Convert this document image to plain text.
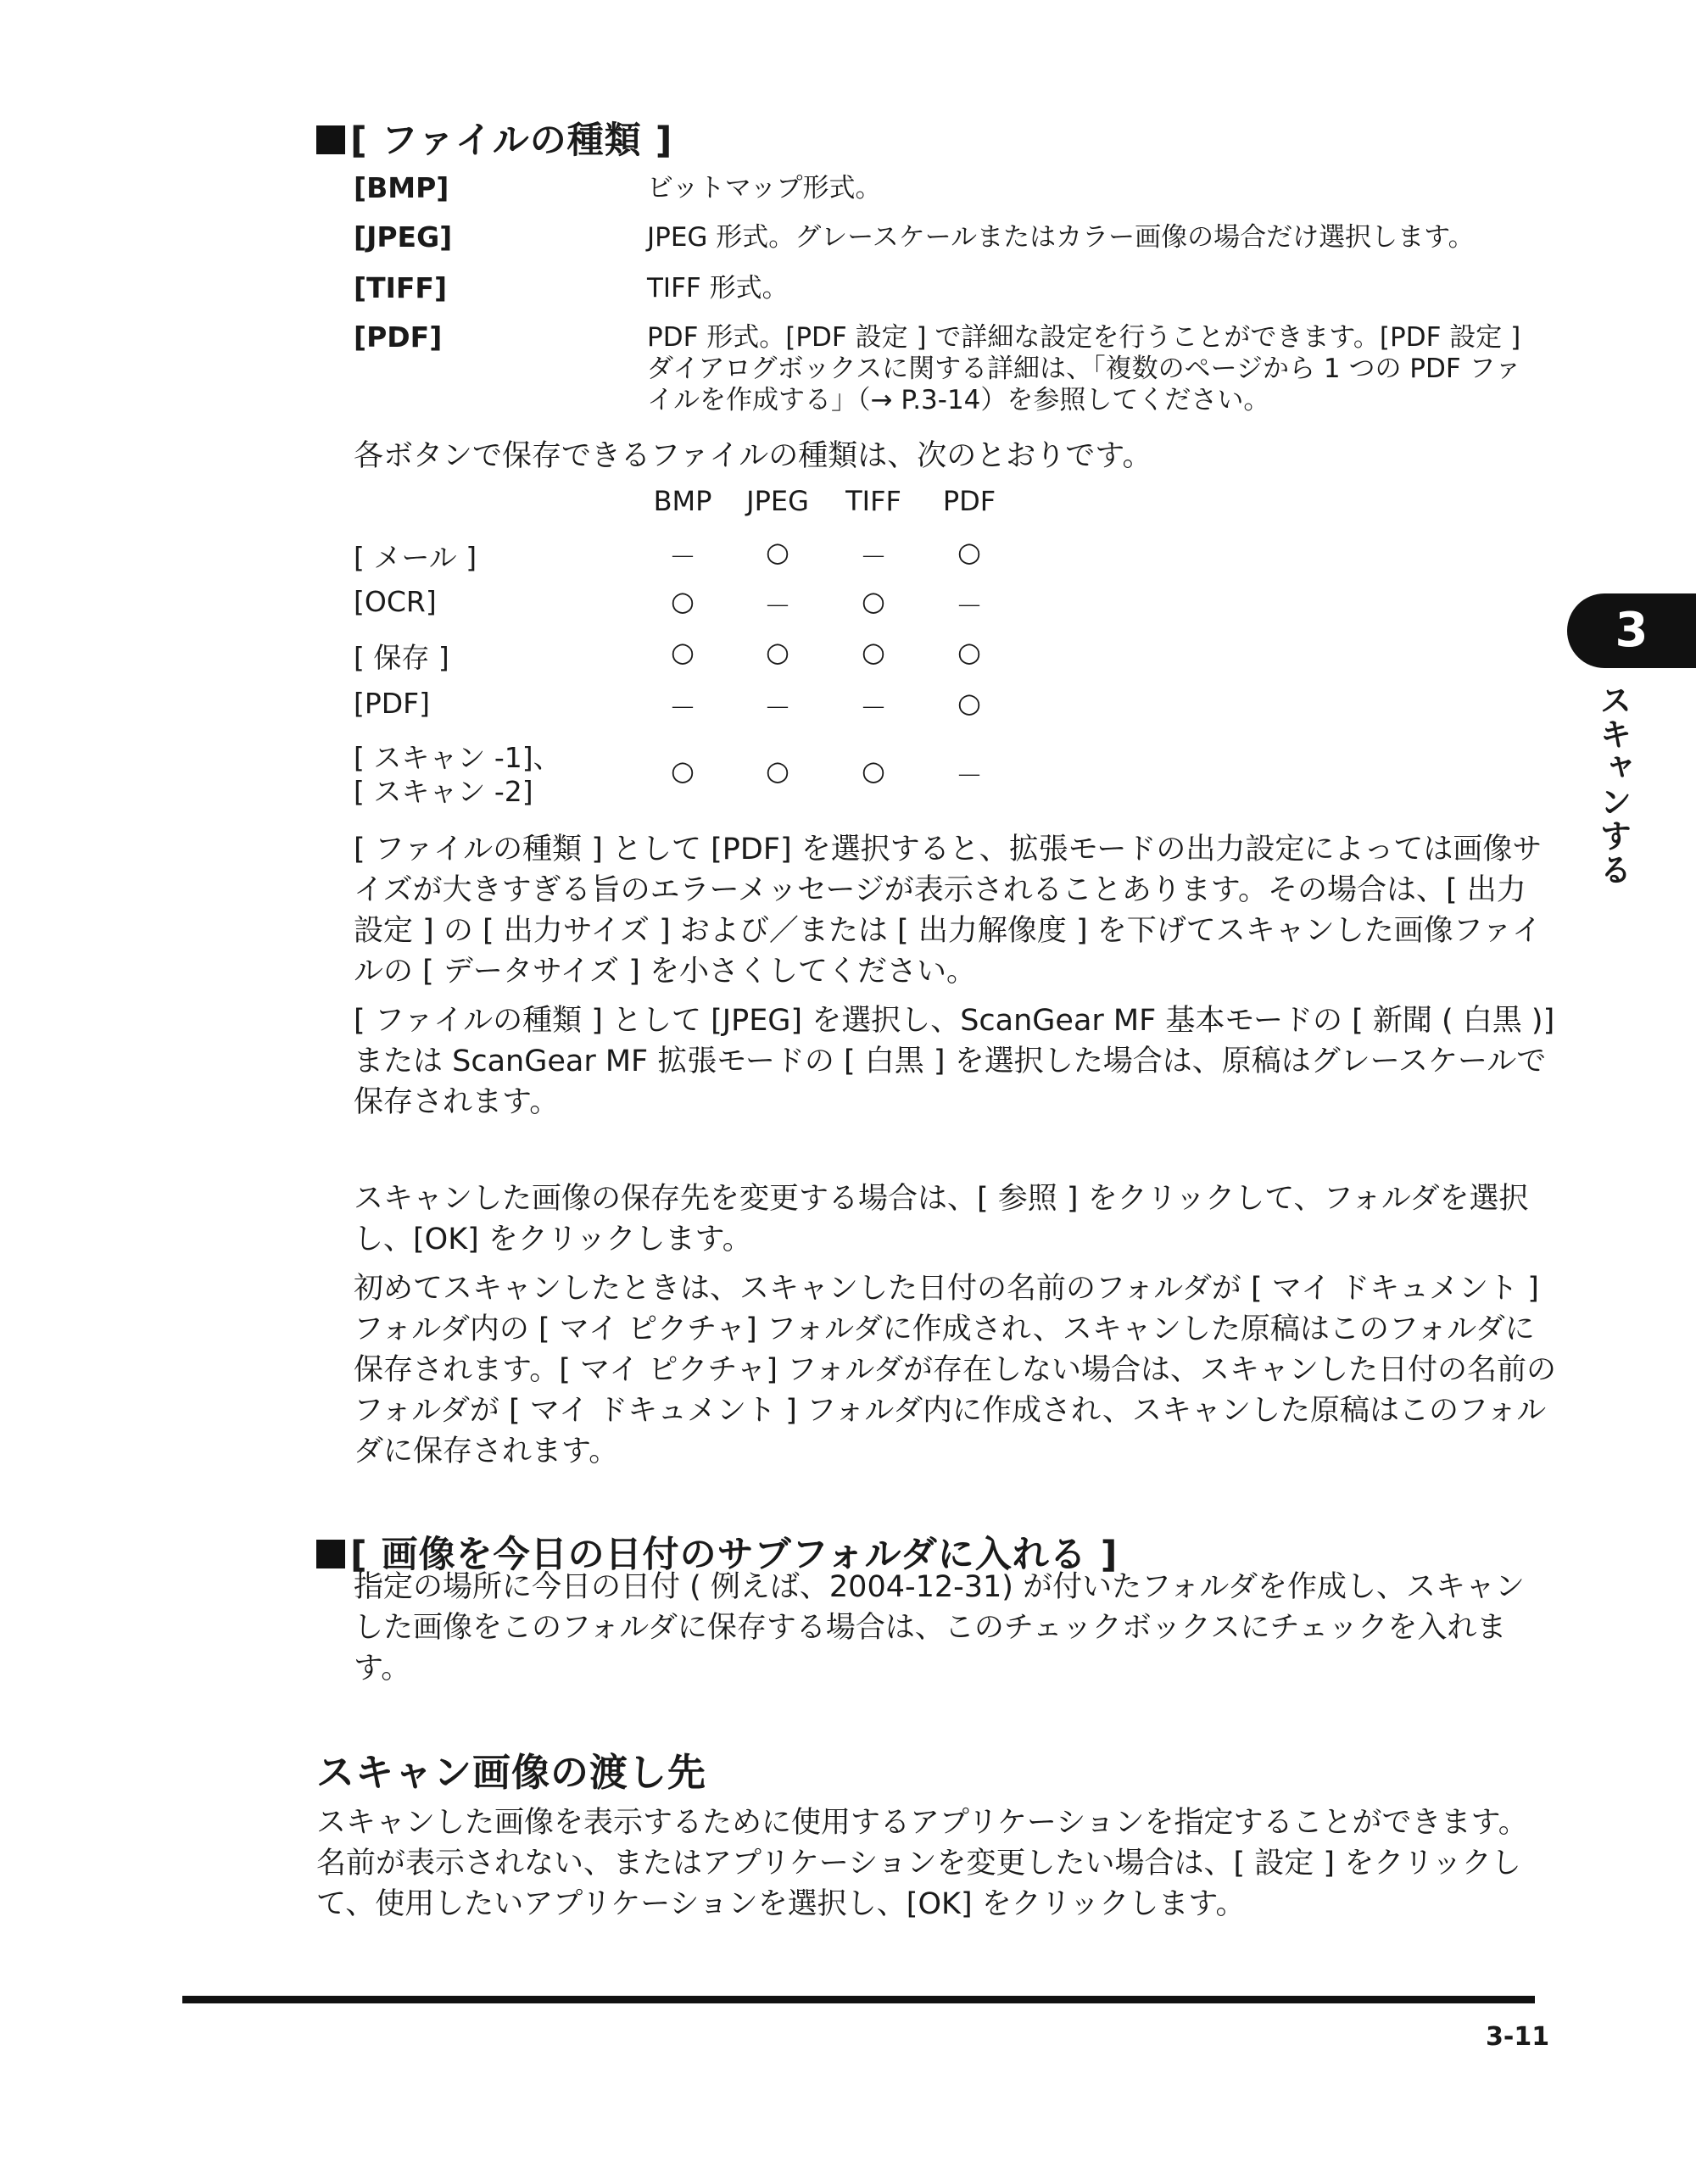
[ ファイルの種類 ]
[BMP]	ビットマップ形式。
[JPEG]	JPEG 形式。グレースケールまたはカラー画像の場合だけ選択します。
[TIFF]	TIFF 形式。
[PDF]	PDF 形式。[PDF 設定 ] で詳細な設定を行うことができます。[PDF 設定 ]
ダイアログボックスに関する詳細は、「複数のページから 1 つの PDF ファ
イルを作成する」（→ P.3-14）を参照してください。
各ボタンで保存できるファイルの種類は、次のとおりです。
BMP	JPEG	TIFF	PDF
[ メール ]	－	○	－	○
[OCR]	○	－	○	－
[ 保存 ]	○	○	○	○
[PDF]	－	－	－	○
[ スキャン -1]、
[ スキャン -2]
○	○	○	－
[ ファイルの種類 ] として [PDF] を選択すると、拡張モードの出力設定によっては画像サ
イズが大きすぎる旨のエラーメッセージが表示されることあります。その場合は、[ 出力
設定 ] の [ 出力サイズ ] および／または [ 出力解像度 ] を下げてスキャンした画像ファイ
ルの [ データサイズ ] を小さくしてください。
[ ファイルの種類 ] として [JPEG] を選択し、ScanGear MF 基本モードの [ 新聞 ( 白黒 )]
または ScanGear MF 拡張モードの [ 白黒 ] を選択した場合は、原稿はグレースケールで
保存されます。
スキャンした画像の保存先を変更する場合は、[ 参照 ] をクリックして、フォルダを選択
し、[OK] をクリックします。
初めてスキャンしたときは、スキャンした日付の名前のフォルダが [ マイ ドキュメント ]
フォルダ内の [ マイ ピクチャ] フォルダに作成され、スキャンした原稿はこのフォルダに
保存されます。[ マイ ピクチャ] フォルダが存在しない場合は、スキャンした日付の名前の
フォルダが [ マイ ドキュメント ] フォルダ内に作成され、スキャンした原稿はこのフォル
ダに保存されます。
[ 画像を今日の日付のサブフォルダに入れる ]
指定の場所に今日の日付 ( 例えば、2004-12-31) が付いたフォルダを作成し、スキャン
した画像をこのフォルダに保存する場合は、このチェックボックスにチェックを入れま
す。
スキャン画像の渡し先
スキャンした画像を表示するために使用するアプリケーションを指定することができます。
名前が表示されない、またはアプリケーションを変更したい場合は、[ 設定 ] をクリックし
て、使用したいアプリケーションを選択し、[OK] をクリックします。
3-11
3
スキャンする
